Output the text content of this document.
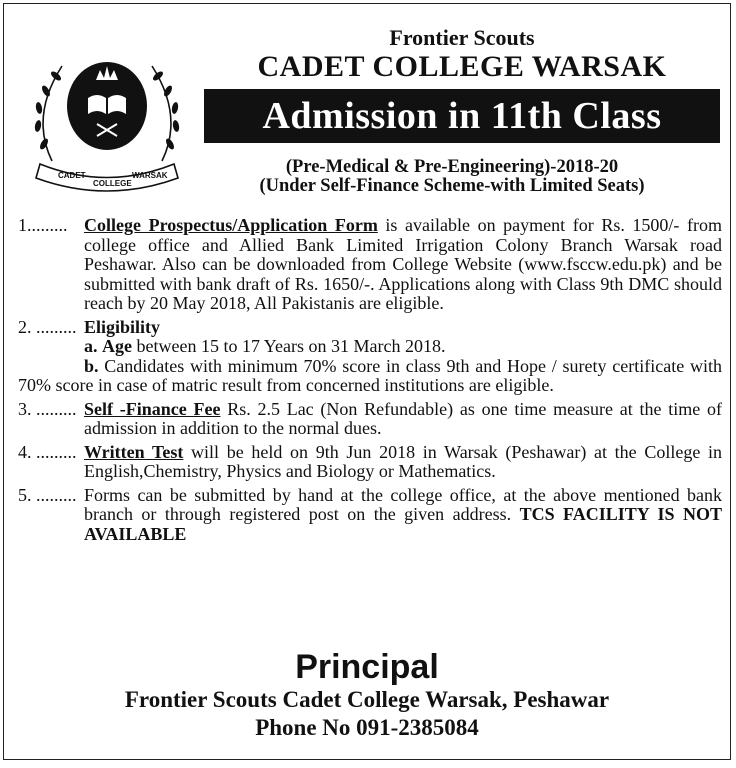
CADET
COLLEGE
WARSAK
Frontier Scouts
CADET COLLEGE WARSAK
Admission in 11th Class
(Pre-Medical & Pre-Engineering)-2018-20
(Under Self-Finance Scheme-with Limited Seats)
1......... College Prospectus/Application Form is available on payment for Rs. 1500/- from college office and Allied Bank Limited Irrigation Colony Branch Warsak road Peshawar. Also can be downloaded from College Website (www.fsccw.edu.pk) and be submitted with bank draft of Rs. 1650/-. Applications along with Class 9th DMC should reach by 20 May 2018, All Pakistanis are eligible.
2. ......... Eligibility
a. Age between 15 to 17 Years on 31 March 2018.
b. Candidates with minimum 70% score in class 9th and Hope / surety certificate with 70% score in case of matric result from concerned institutions are eligible.
3. ......... Self -Finance Fee Rs. 2.5 Lac (Non Refundable) as one time measure at the time of admission in addition to the normal dues.
4. ......... Written Test will be held on 9th Jun 2018 in Warsak (Peshawar) at the College in English,Chemistry, Physics and Biology or Mathematics.
5. ......... Forms can be submitted by hand at the college office, at the above mentioned bank branch or through registered post on the given address. TCS FACILITY IS NOT AVAILABLE
Principal
Frontier Scouts Cadet College Warsak, Peshawar
Phone No 091-2385084
